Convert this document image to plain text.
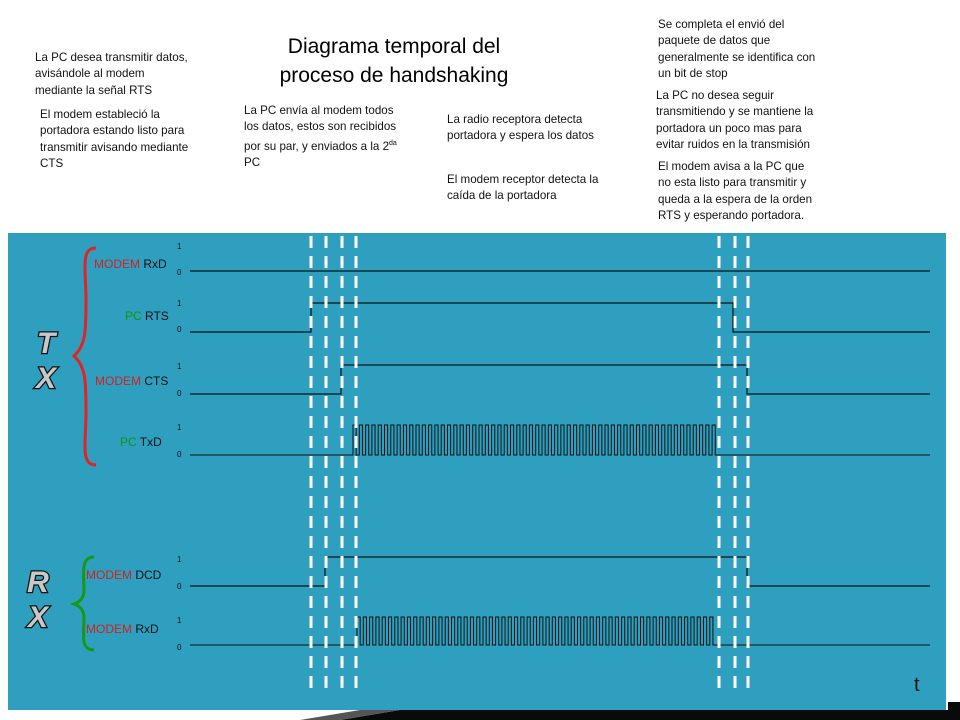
Diagrama temporal del
proceso de handshaking
La PC desea transmitir datos,
avisándole al modem
mediante la señal RTS
El modem estableció la
portadora estando listo para
transmitir avisando mediante
CTS
La PC envía al modem todos
los datos, estos son recibidos
por su par, y enviados a la $2^{da}$
PC
La radio receptora detecta
portadora y espera los datos
El modem receptor detecta la
caída de la portadora
Se completa el envió del
paquete de datos que
generalmente se identifica con
un bit de stop
La PC no desea seguir
transmitiendo y se mantiene la
portadora un poco mas para
evitar ruidos en la transmisión
El modem avisa a la PC que
no esta listo para transmitir y
queda a la espera de la orden
RTS y esperando portadora.
T
X
R
X
MODEM RxD
PC RTS
MODEM CTS
PC TxD
MODEM DCD
MODEM RxD
1
0
1
0
1
0
1
0
1
0
1
0
t
